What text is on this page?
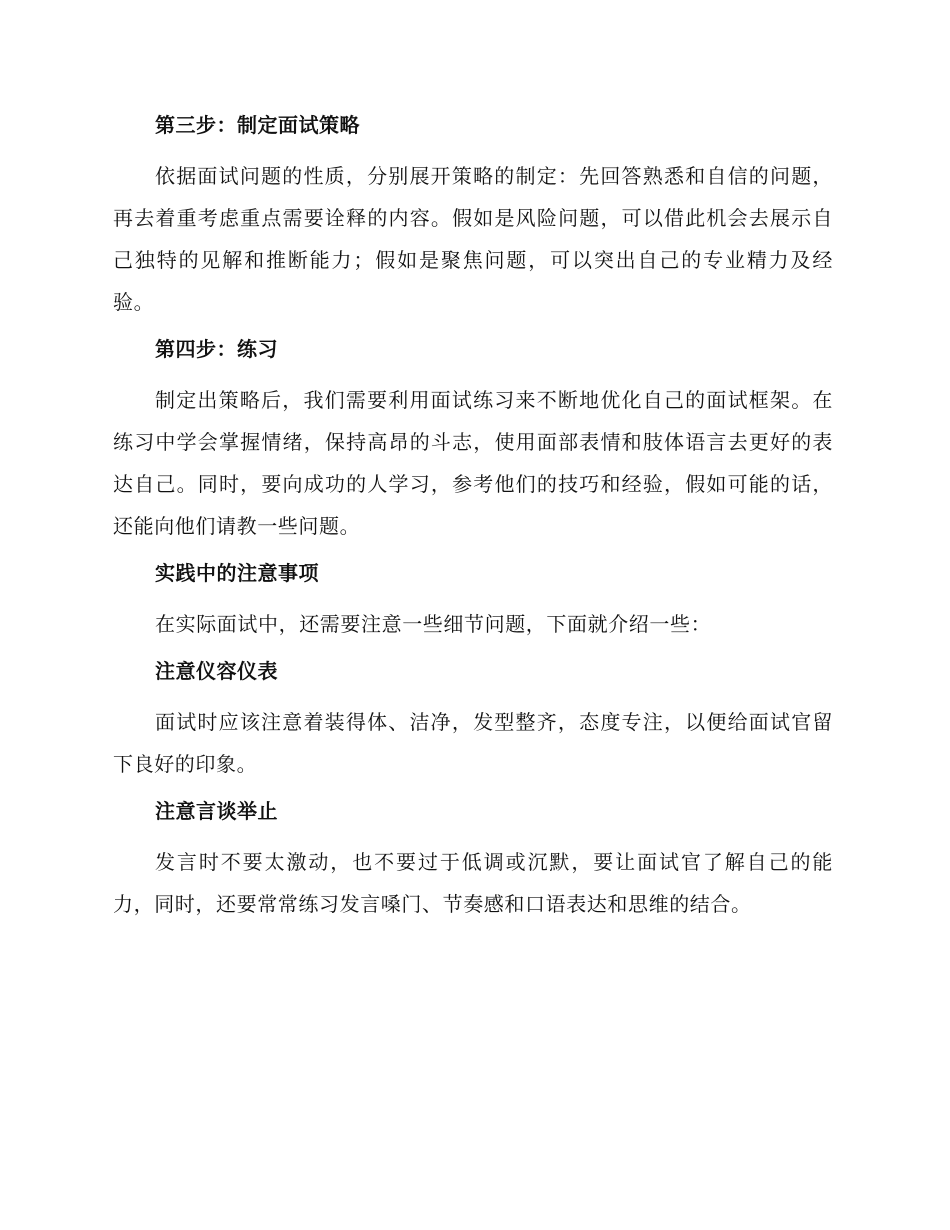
第三步：制定面试策略

依据面试问题的性质，分别展开策略的制定：先回答熟悉和自信的问题，再去着重考虑重点需要诠释的内容。假如是风险问题，可以借此机会去展示自己独特的见解和推断能力；假如是聚焦问题，可以突出自己的专业精力及经验。

第四步：练习

制定出策略后，我们需要利用面试练习来不断地优化自己的面试框架。在练习中学会掌握情绪，保持高昂的斗志，使用面部表情和肢体语言去更好的表达自己。同时，要向成功的人学习，参考他们的技巧和经验，假如可能的话，还能向他们请教一些问题。

实践中的注意事项

在实际面试中，还需要注意一些细节问题，下面就介绍一些：

注意仪容仪表

面试时应该注意着装得体、洁净，发型整齐，态度专注，以便给面试官留下良好的印象。

注意言谈举止

发言时不要太激动，也不要过于低调或沉默，要让面试官了解自己的能力，同时，还要常常练习发言嗓门、节奏感和口语表达和思维的结合。
